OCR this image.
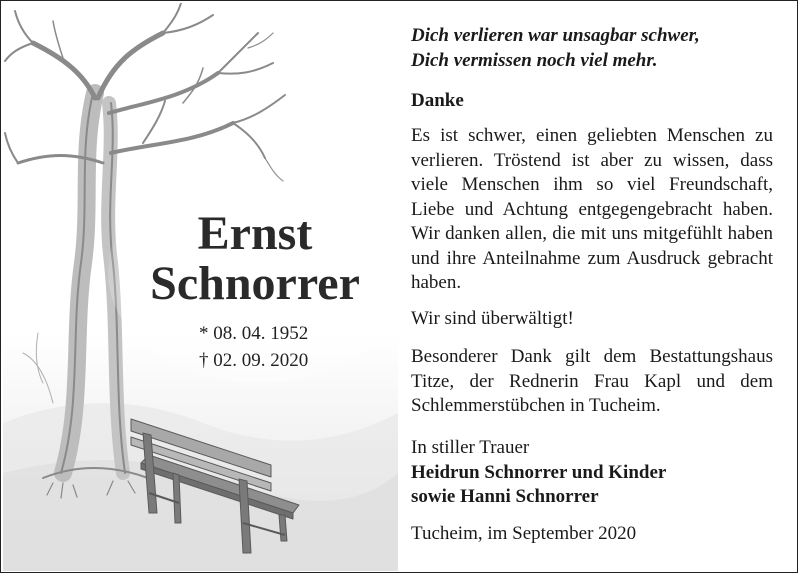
Ernst
Schnorrer
* 08. 04. 1952
† 02. 09. 2020
Dich verlieren war unsagbar schwer,
Dich vermissen noch viel mehr.
Danke
Es ist schwer, einen geliebten Menschen zu verlieren. Tröstend ist aber zu wissen, dass viele Menschen ihm so viel Freundschaft, Liebe und Achtung entgegengebracht haben. Wir danken allen, die mit uns mitgefühlt haben und ihre Anteilnahme zum Ausdruck gebracht haben.
Wir sind überwältigt!
Besonderer Dank gilt dem Bestattungshaus Titze, der Rednerin Frau Kapl und dem Schlemmerstübchen in Tucheim.
In stiller Trauer
Heidrun Schnorrer und Kinder
sowie Hanni Schnorrer
Tucheim, im September 2020
